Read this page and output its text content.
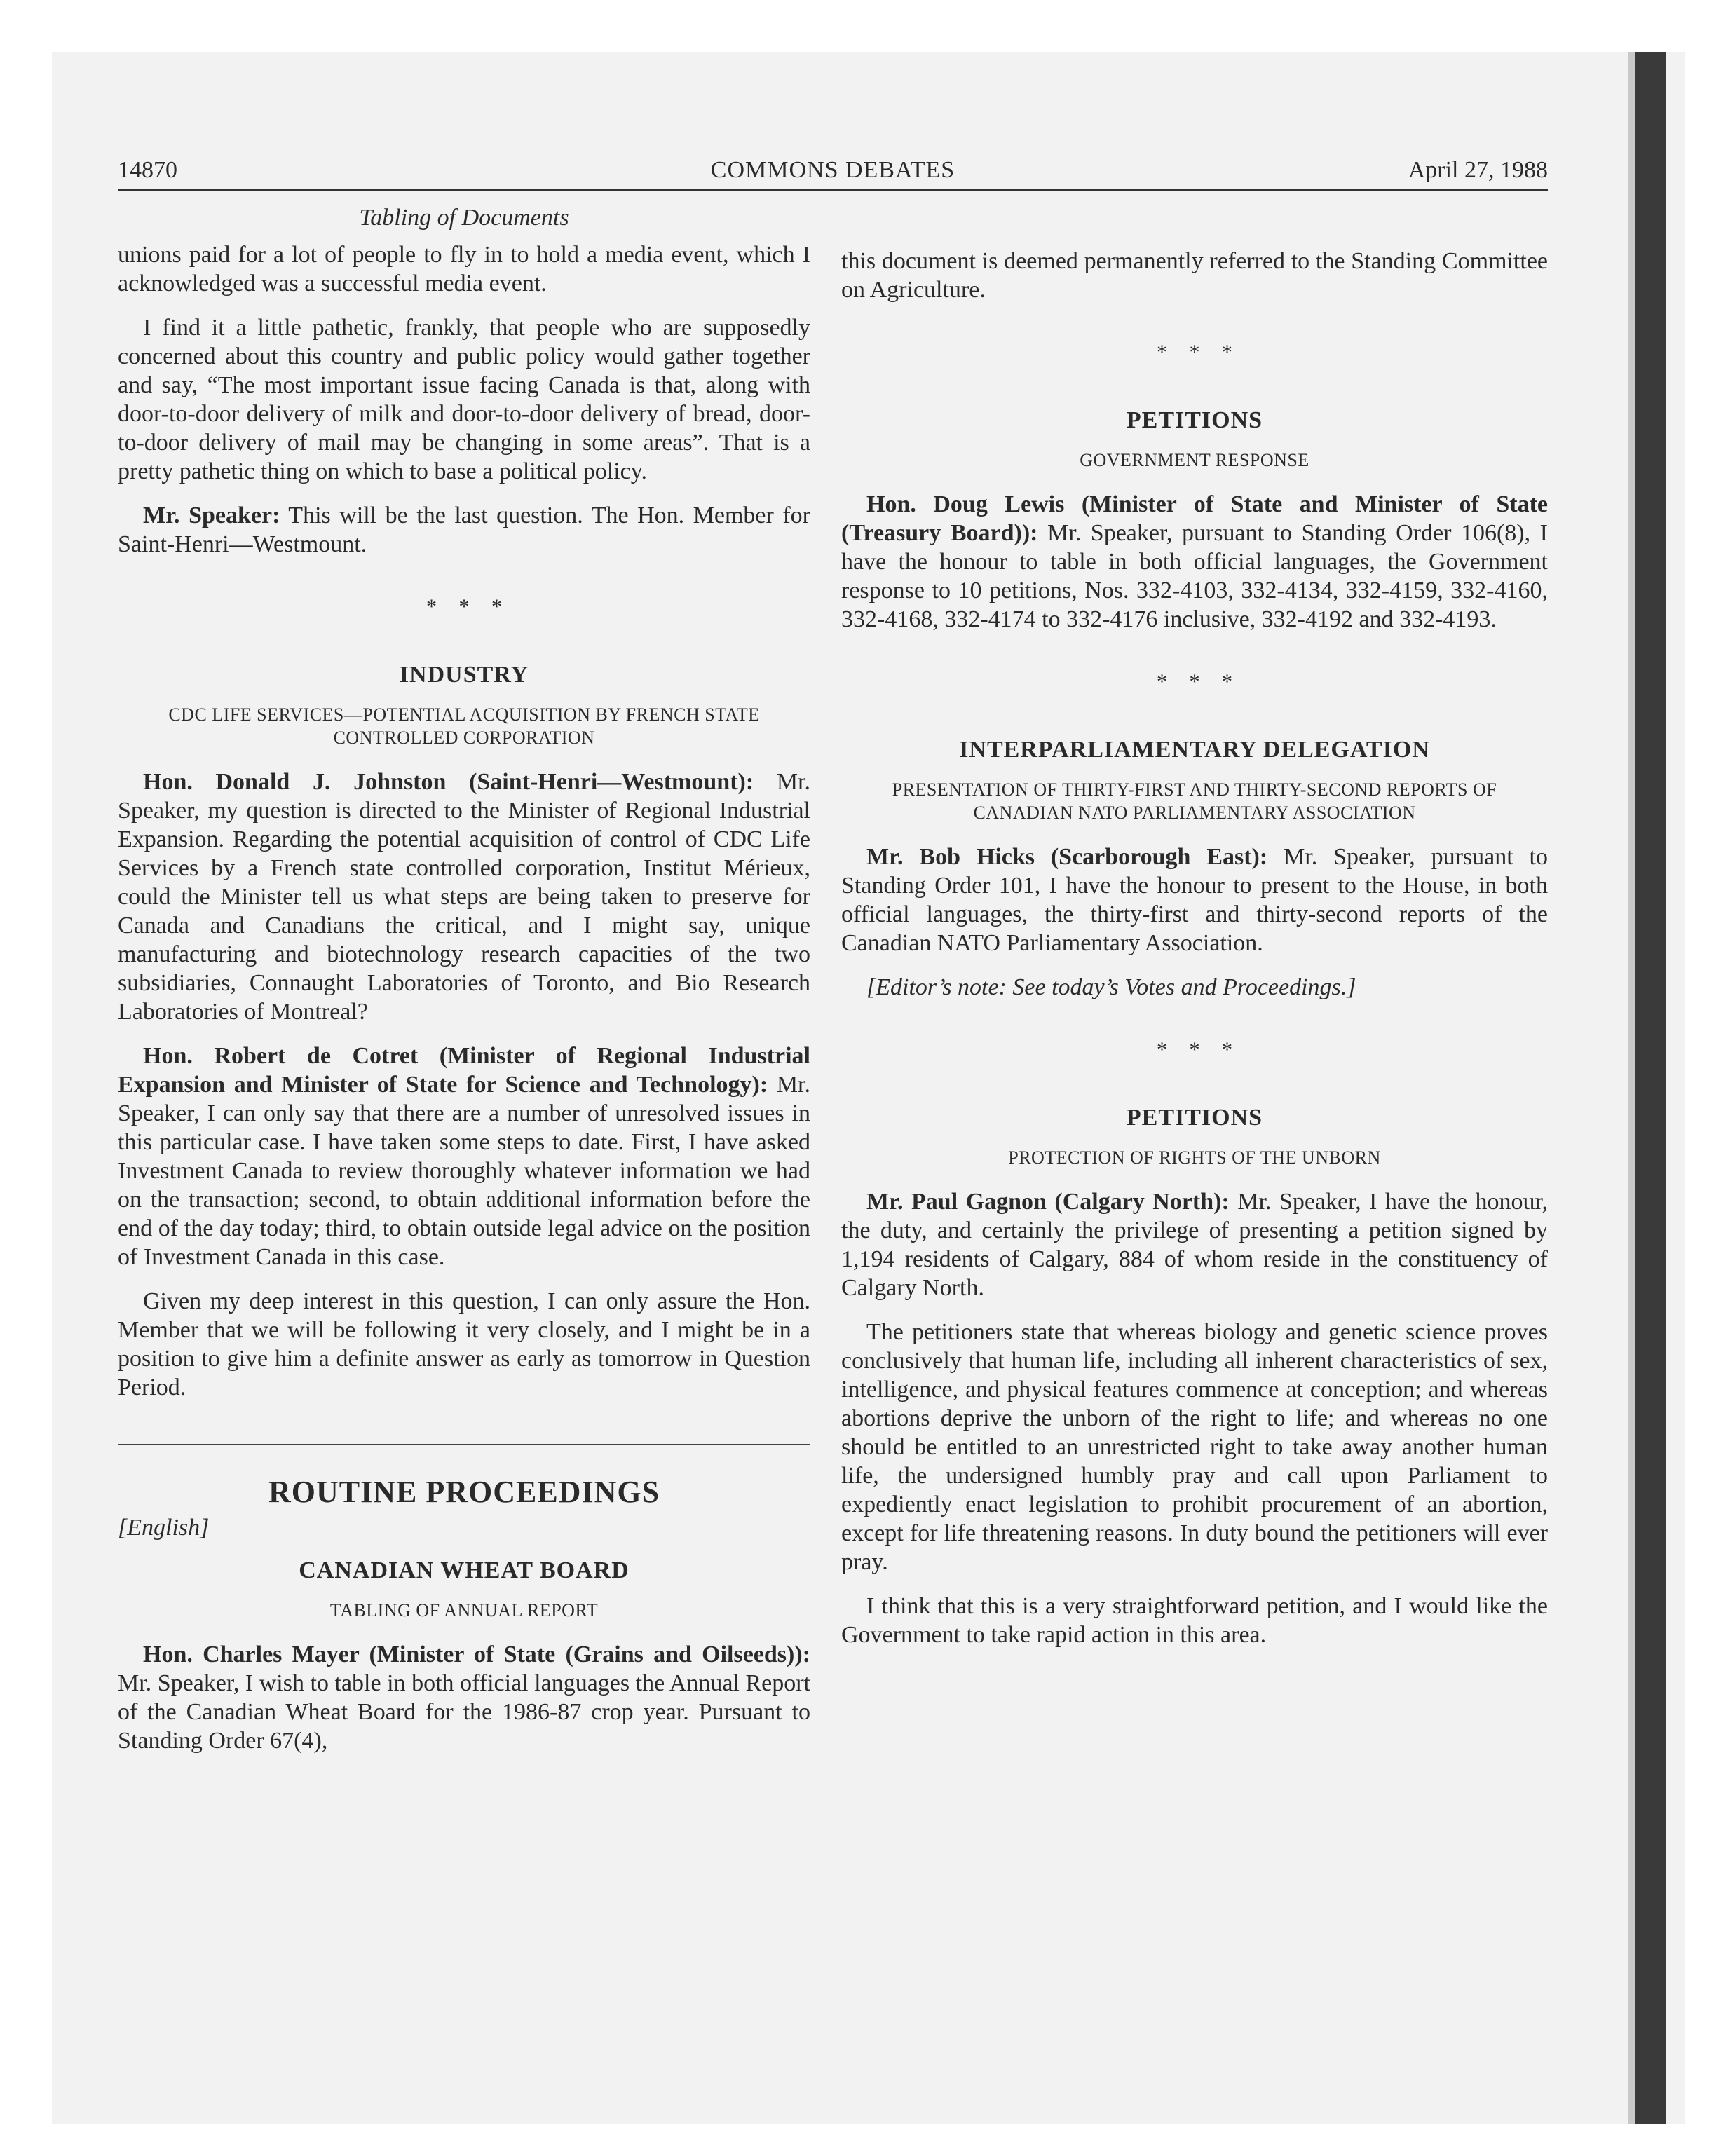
14870	COMMONS DEBATES	April 27, 1988
Tabling of Documents

unions paid for a lot of people to fly in to hold a media event, which I acknowledged was a successful media event.

I find it a little pathetic, frankly, that people who are supposedly concerned about this country and public policy would gather together and say, “The most important issue facing Canada is that, along with door-to-door delivery of milk and door-to-door delivery of bread, door-to-door delivery of mail may be changing in some areas”. That is a pretty pathetic thing on which to base a political policy.

Mr. Speaker: This will be the last question. The Hon. Member for Saint-Henri—Westmount.

* * *
INDUSTRY
CDC LIFE SERVICES—POTENTIAL ACQUISITION BY FRENCH STATE CONTROLLED CORPORATION

Hon. Donald J. Johnston (Saint-Henri—Westmount): Mr. Speaker, my question is directed to the Minister of Regional Industrial Expansion. Regarding the potential acquisition of control of CDC Life Services by a French state controlled corporation, Institut Mérieux, could the Minister tell us what steps are being taken to preserve for Canada and Canadians the critical, and I might say, unique manufacturing and biotechnology research capacities of the two subsidiaries, Connaught Laboratories of Toronto, and Bio Research Laboratories of Montreal?

Hon. Robert de Cotret (Minister of Regional Industrial Expansion and Minister of State for Science and Technology): Mr. Speaker, I can only say that there are a number of unresolved issues in this particular case. I have taken some steps to date. First, I have asked Investment Canada to review thoroughly whatever information we had on the transaction; second, to obtain additional information before the end of the day today; third, to obtain outside legal advice on the position of Investment Canada in this case.

Given my deep interest in this question, I can only assure the Hon. Member that we will be following it very closely, and I might be in a position to give him a definite answer as early as tomorrow in Question Period.

ROUTINE PROCEEDINGS
[English]
CANADIAN WHEAT BOARD
TABLING OF ANNUAL REPORT

Hon. Charles Mayer (Minister of State (Grains and Oilseeds)): Mr. Speaker, I wish to table in both official languages the Annual Report of the Canadian Wheat Board for the 1986-87 crop year. Pursuant to Standing Order 67(4),

this document is deemed permanently referred to the Standing Committee on Agriculture.

* * *
PETITIONS
GOVERNMENT RESPONSE

Hon. Doug Lewis (Minister of State and Minister of State (Treasury Board)): Mr. Speaker, pursuant to Standing Order 106(8), I have the honour to table in both official languages, the Government response to 10 petitions, Nos. 332-4103, 332-4134, 332-4159, 332-4160, 332-4168, 332-4174 to 332-4176 inclusive, 332-4192 and 332-4193.

* * *
INTERPARLIAMENTARY DELEGATION
PRESENTATION OF THIRTY-FIRST AND THIRTY-SECOND REPORTS OF CANADIAN NATO PARLIAMENTARY ASSOCIATION

Mr. Bob Hicks (Scarborough East): Mr. Speaker, pursuant to Standing Order 101, I have the honour to present to the House, in both official languages, the thirty-first and thirty-second reports of the Canadian NATO Parliamentary Association.

[Editor’s note: See today’s Votes and Proceedings.]

* * *
PETITIONS
PROTECTION OF RIGHTS OF THE UNBORN

Mr. Paul Gagnon (Calgary North): Mr. Speaker, I have the honour, the duty, and certainly the privilege of presenting a petition signed by 1,194 residents of Calgary, 884 of whom reside in the constituency of Calgary North.

The petitioners state that whereas biology and genetic science proves conclusively that human life, including all inherent characteristics of sex, intelligence, and physical features commence at conception; and whereas abortions deprive the unborn of the right to life; and whereas no one should be entitled to an unrestricted right to take away another human life, the undersigned humbly pray and call upon Parliament to expediently enact legislation to prohibit procurement of an abortion, except for life threatening reasons. In duty bound the petitioners will ever pray.

I think that this is a very straightforward petition, and I would like the Government to take rapid action in this area.
